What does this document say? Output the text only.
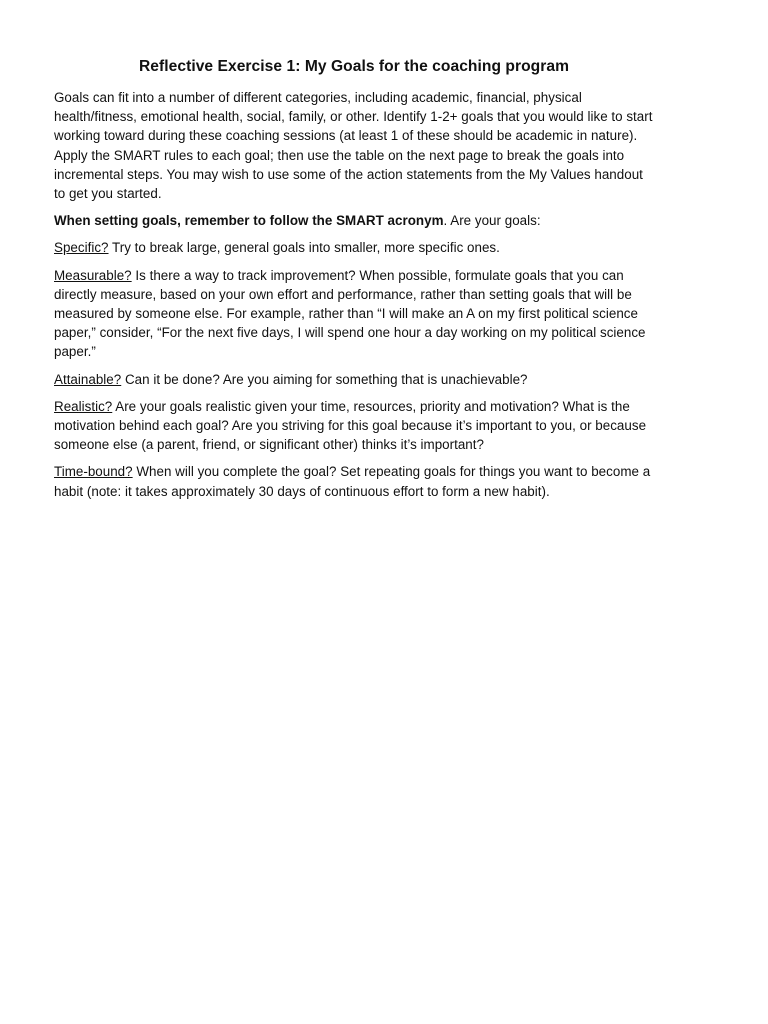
Reflective Exercise 1: My Goals for the coaching program

Goals can fit into a number of different categories, including academic, financial, physical health/fitness, emotional health, social, family, or other. Identify 1-2+ goals that you would like to start working toward during these coaching sessions (at least 1 of these should be academic in nature). Apply the SMART rules to each goal; then use the table on the next page to break the goals into incremental steps. You may wish to use some of the action statements from the My Values handout to get you started.

When setting goals, remember to follow the SMART acronym. Are your goals:

Specific? Try to break large, general goals into smaller, more specific ones.

Measurable? Is there a way to track improvement? When possible, formulate goals that you can directly measure, based on your own effort and performance, rather than setting goals that will be measured by someone else. For example, rather than “I will make an A on my first political science paper,” consider, “For the next five days, I will spend one hour a day working on my political science paper.”

Attainable? Can it be done? Are you aiming for something that is unachievable?

Realistic? Are your goals realistic given your time, resources, priority and motivation? What is the motivation behind each goal? Are you striving for this goal because it’s important to you, or because someone else (a parent, friend, or significant other) thinks it’s important?

Time-bound? When will you complete the goal? Set repeating goals for things you want to become a habit (note: it takes approximately 30 days of continuous effort to form a new habit).
